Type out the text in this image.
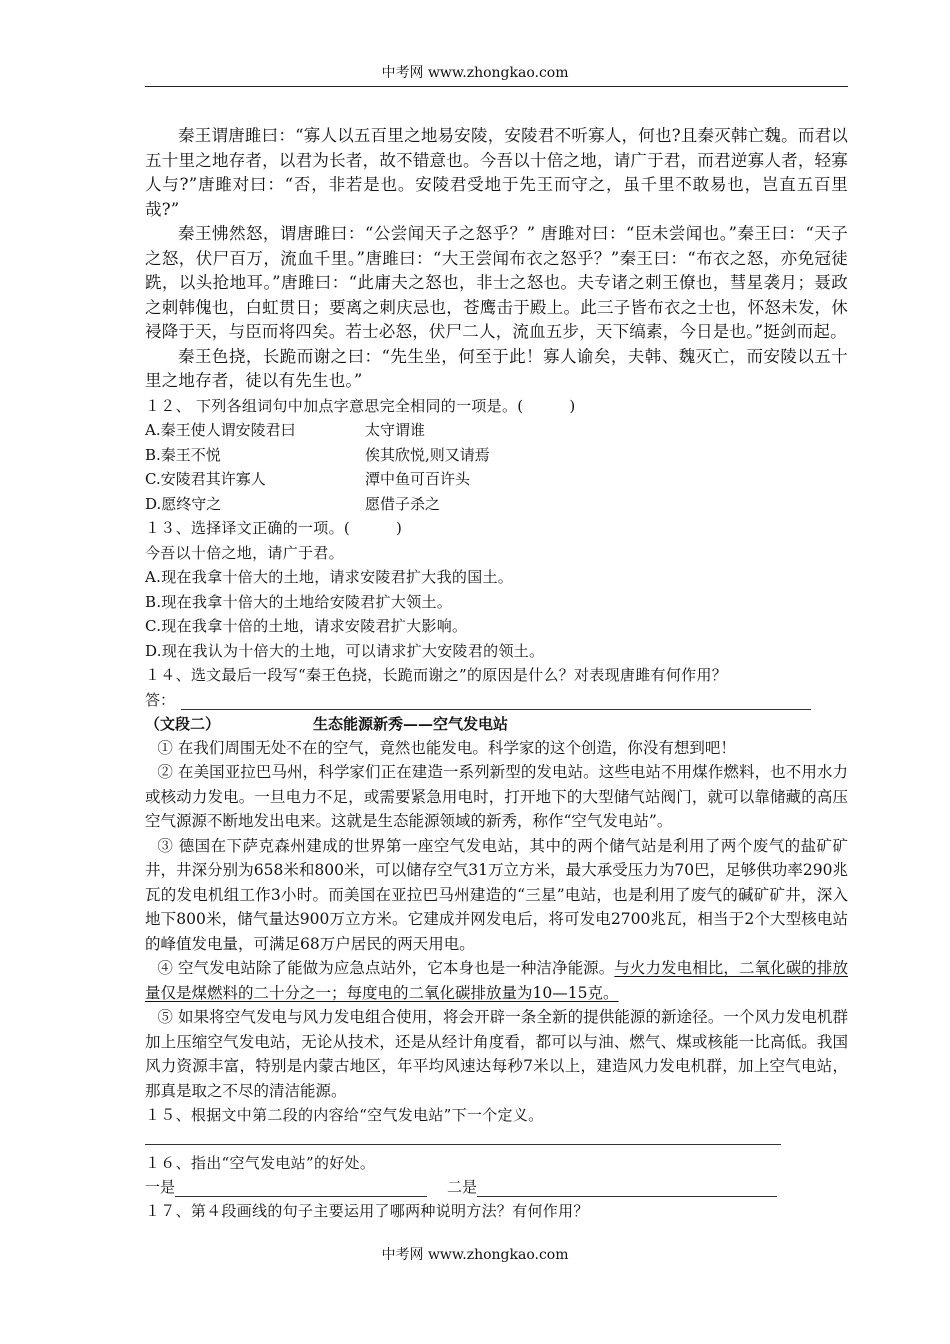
中考网 www.zhongkao.com

秦王谓唐雎曰：“寡人以五百里之地易安陵，安陵君不听寡人，何也?且秦灭韩亡魏。而君以五十里之地存者，以君为长者，故不错意也。今吾以十倍之地，请广于君，而君逆寡人者，轻寡人与?”唐雎对曰：“否，非若是也。安陵君受地于先王而守之，虽千里不敢易也，岂直五百里哉?”

秦王怫然怒，谓唐雎曰：“公尝闻天子之怒乎？” 唐雎对曰：“臣未尝闻也。”秦王曰：“天子之怒，伏尸百万，流血千里。”唐雎曰：“大王尝闻布衣之怒乎？”秦王曰：“布衣之怒，亦免冠徒跣，以头抢地耳。”唐雎曰：“此庸夫之怒也，非士之怒也。夫专诸之刺王僚也，彗星袭月；聂政之刺韩傀也，白虹贯日；要离之刺庆忌也，苍鹰击于殿上。此三子皆布衣之士也，怀怒未发，休祲降于天，与臣而将四矣。若士必怒，伏尸二人，流血五步，天下缟素，今日是也。”挺剑而起。

秦王色挠，长跪而谢之曰：“先生坐，何至于此！寡人谕矣，夫韩、魏灭亡，而安陵以五十里之地存者，徒以有先生也。”

１２、 下列各组词句中加点字意思完全相同的一项是。(　　　)

A.秦王使人谓安陵君曰	太守谓谁
B.秦王不悦	俟其欣悦,则又请焉
C.安陵君其许寡人	潭中鱼可百许头
D.愿终守之	愿借子杀之

１３、选择译文正确的一项。(　　　)

今吾以十倍之地，请广于君。

A.现在我拿十倍大的土地，请求安陵君扩大我的国土。

B.现在我拿十倍大的土地给安陵君扩大领土。

C.现在我拿十倍的土地，请求安陵君扩大影响。

D.现在我认为十倍大的土地，可以请求扩大安陵君的领土。

１４、选文最后一段写“秦王色挠，长跪而谢之”的原因是什么？对表现唐雎有何作用？

答：
（文段二）	生态能源新秀——空气发电站

① 在我们周围无处不在的空气，竟然也能发电。科学家的这个创造，你没有想到吧！

② 在美国亚拉巴马州，科学家们正在建造一系列新型的发电站。这些电站不用煤作燃料，也不用水力或核动力发电。一旦电力不足，或需要紧急用电时，打开地下的大型储气站阀门，就可以靠储藏的高压空气源源不断地发出电来。这就是生态能源领域的新秀，称作“空气发电站”。

③ 德国在下萨克森州建成的世界第一座空气发电站，其中的两个储气站是利用了两个废气的盐矿矿井，井深分别为658米和800米，可以储存空气31万立方米，最大承受压力为70巴，足够供功率290兆瓦的发电机组工作3小时。而美国在亚拉巴马州建造的“三星”电站，也是利用了废气的碱矿矿井，深入地下800米，储气量达900万立方米。它建成并网发电后，将可发电2700兆瓦，相当于2个大型核电站的峰值发电量，可满足68万户居民的两天用电。

④ 空气发电站除了能做为应急点站外，它本身也是一种洁净能源。与火力发电相比，二氧化碳的排放量仅是煤燃料的二十分之一；每度电的二氧化碳排放量为10—15克。

⑤ 如果将空气发电与风力发电组合使用，将会开辟一条全新的提供能源的新途径。一个风力发电机群加上压缩空气发电站，无论从技术，还是从经计角度看，都可以与油、燃气、煤或核能一比高低。我国风力资源丰富，特别是内蒙古地区，年平均风速达每秒7米以上，建造风力发电机群，加上空气电站，那真是取之不尽的清洁能源。

１５、根据文中第二段的内容给“空气发电站”下一个定义。

１６、指出“空气发电站”的好处。

一是	二是

１７、第４段画线的句子主要运用了哪两种说明方法？有何作用？

中考网 www.zhongkao.com
